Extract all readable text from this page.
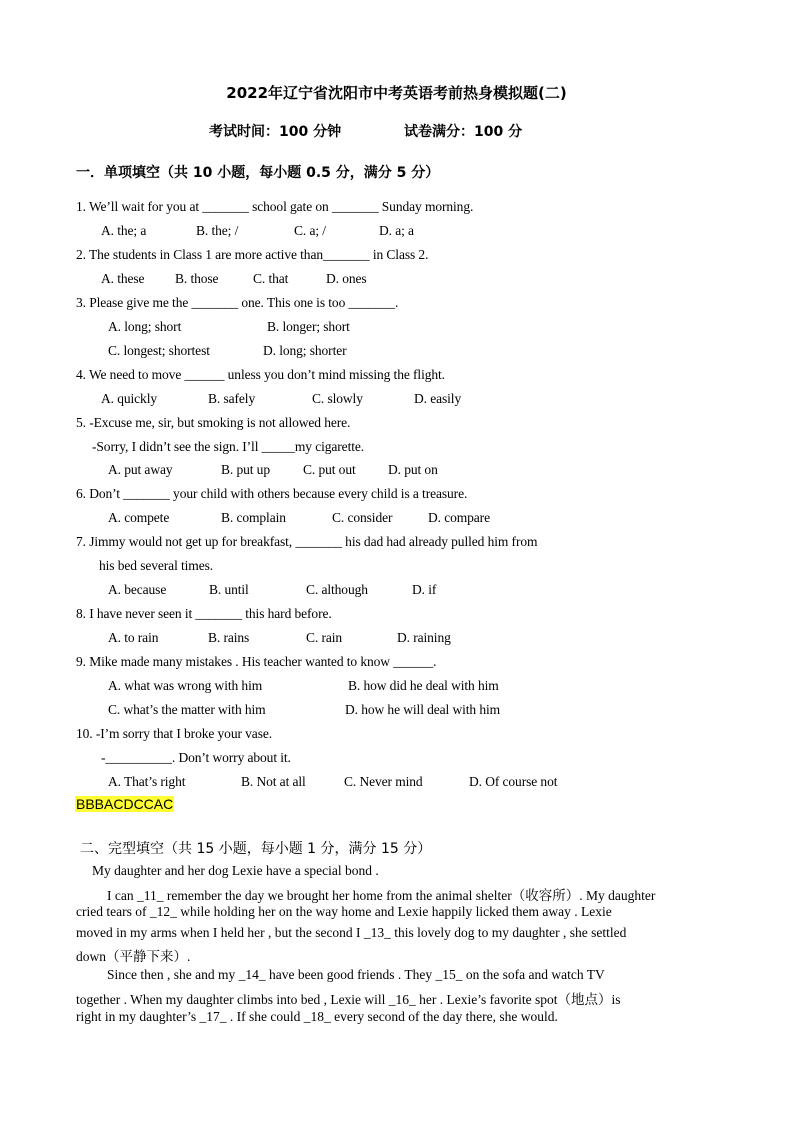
2022年辽宁省沈阳市中考英语考前热身模拟题(二)
考试时间：100 分钟	试卷满分：100 分
一．单项填空（共 10 小题，每小题 0.5 分，满分 5 分）
1. We’ll wait for you at _______ school gate on _______ Sunday morning.
A. the; a	B. the; /	C. a; /	D. a; a
2. The students in Class 1 are more active than_______ in Class 2.
A. these B. those	C. that	D. ones
3. Please give me the _______ one. This one is too _______.
A. long; short	B. longer; short
C. longest; shortest	D. long; shorter
4. We need to move ______ unless you don’t mind missing the flight.
A. quickly	B. safely	C. slowly	D. easily
5. -Excuse me, sir, but smoking is not allowed here.
-Sorry, I didn’t see the sign. I’ll _____my cigarette.
A. put away	B. put up C. put out D. put on
6. Don’t _______ your child with others because every child is a treasure.
A. compete	B. complain	C. consider	D. compare
7. Jimmy would not get up for breakfast, _______ his dad had already pulled him from
his bed several times.
A. because	B. until	C. although	D. if
8. I have never seen it _______ this hard before.
A. to rain	B. rains	C. rain	D. raining
9. Mike made many mistakes . His teacher wanted to know ______.
A. what was wrong with him	B. how did he deal with him
C. what’s the matter with him	D. how he will deal with him
10. -I’m sorry that I broke your vase.
-__________. Don’t worry about it.
A. That’s right	B. Not at all	C. Never mind	D. Of course not
BBBACDCCAC
二、完型填空（共 15 小题，每小题 1 分，满分 15 分）
My daughter and her dog Lexie have a special bond .
I can _11_ remember the day we brought her home from the animal shelter（收容所）. My daughter
cried tears of _12_ while holding her on the way home and Lexie happily licked them away . Lexie
moved in my arms when I held her , but the second I _13_ this lovely dog to my daughter , she settled
down（平静下来）.
Since then , she and my _14_ have been good friends . They _15_ on the sofa and watch TV
together . When my daughter climbs into bed , Lexie will _16_ her . Lexie’s favorite spot（地点）is
right in my daughter’s _17_ . If she could _18_ every second of the day there, she would.
